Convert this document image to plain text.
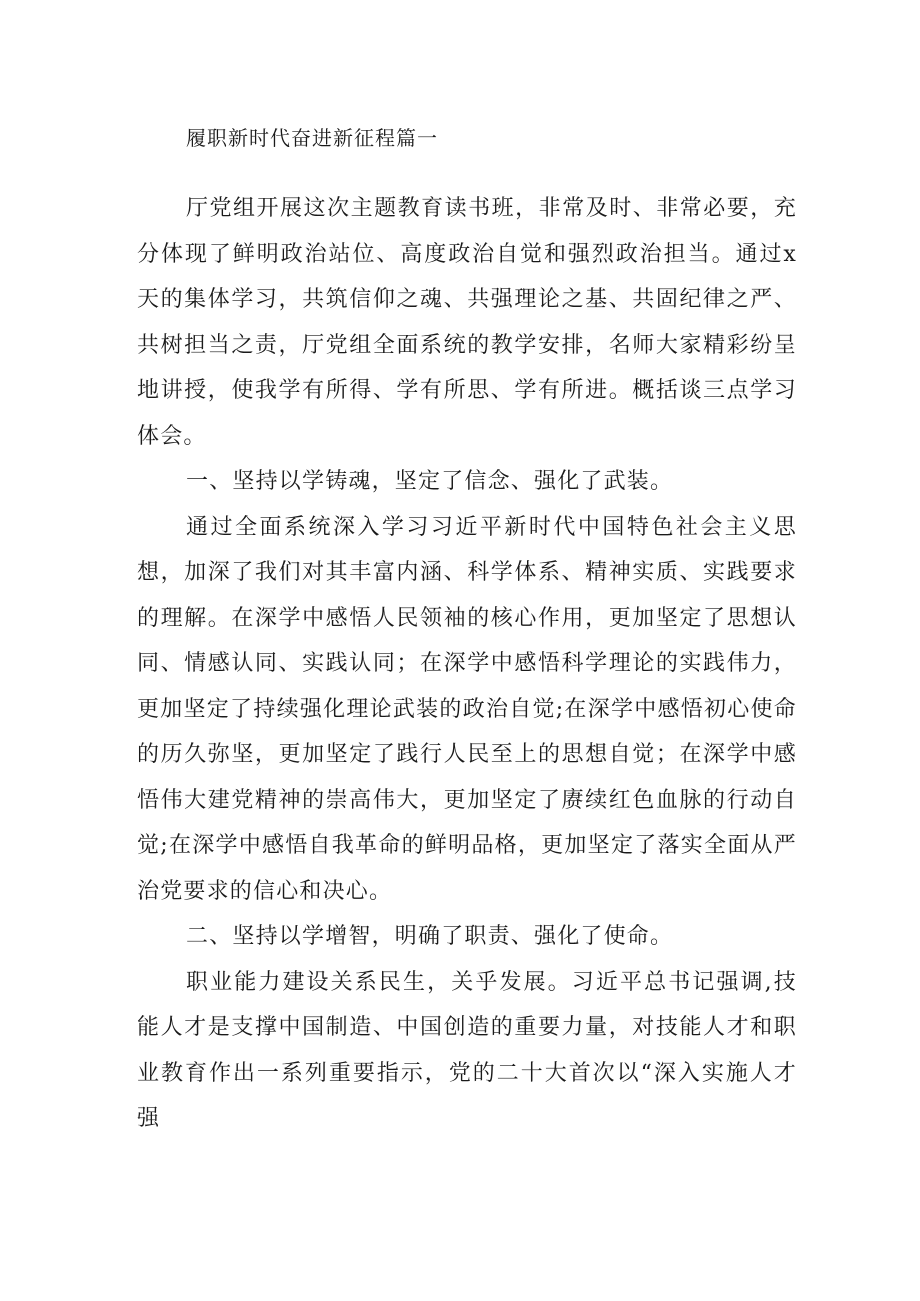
履职新时代奋进新征程篇一

厅党组开展这次主题教育读书班，非常及时、非常必要，充分体现了鲜明政治站位、高度政治自觉和强烈政治担当。通过x天的集体学习，共筑信仰之魂、共强理论之基、共固纪律之严、共树担当之责，厅党组全面系统的教学安排，名师大家精彩纷呈地讲授，使我学有所得、学有所思、学有所进。概括谈三点学习体会。

一、坚持以学铸魂，坚定了信念、强化了武装。

通过全面系统深入学习习近平新时代中国特色社会主义思想，加深了我们对其丰富内涵、科学体系、精神实质、实践要求的理解。在深学中感悟人民领袖的核心作用，更加坚定了思想认同、情感认同、实践认同；在深学中感悟科学理论的实践伟力，更加坚定了持续强化理论武装的政治自觉;在深学中感悟初心使命的历久弥坚，更加坚定了践行人民至上的思想自觉；在深学中感悟伟大建党精神的崇高伟大，更加坚定了赓续红色血脉的行动自觉;在深学中感悟自我革命的鲜明品格，更加坚定了落实全面从严治党要求的信心和决心。

二、坚持以学增智，明确了职责、强化了使命。

职业能力建设关系民生，关乎发展。习近平总书记强调,技能人才是支撑中国制造、中国创造的重要力量，对技能人才和职业教育作出一系列重要指示，党的二十大首次以“深入实施人才强
